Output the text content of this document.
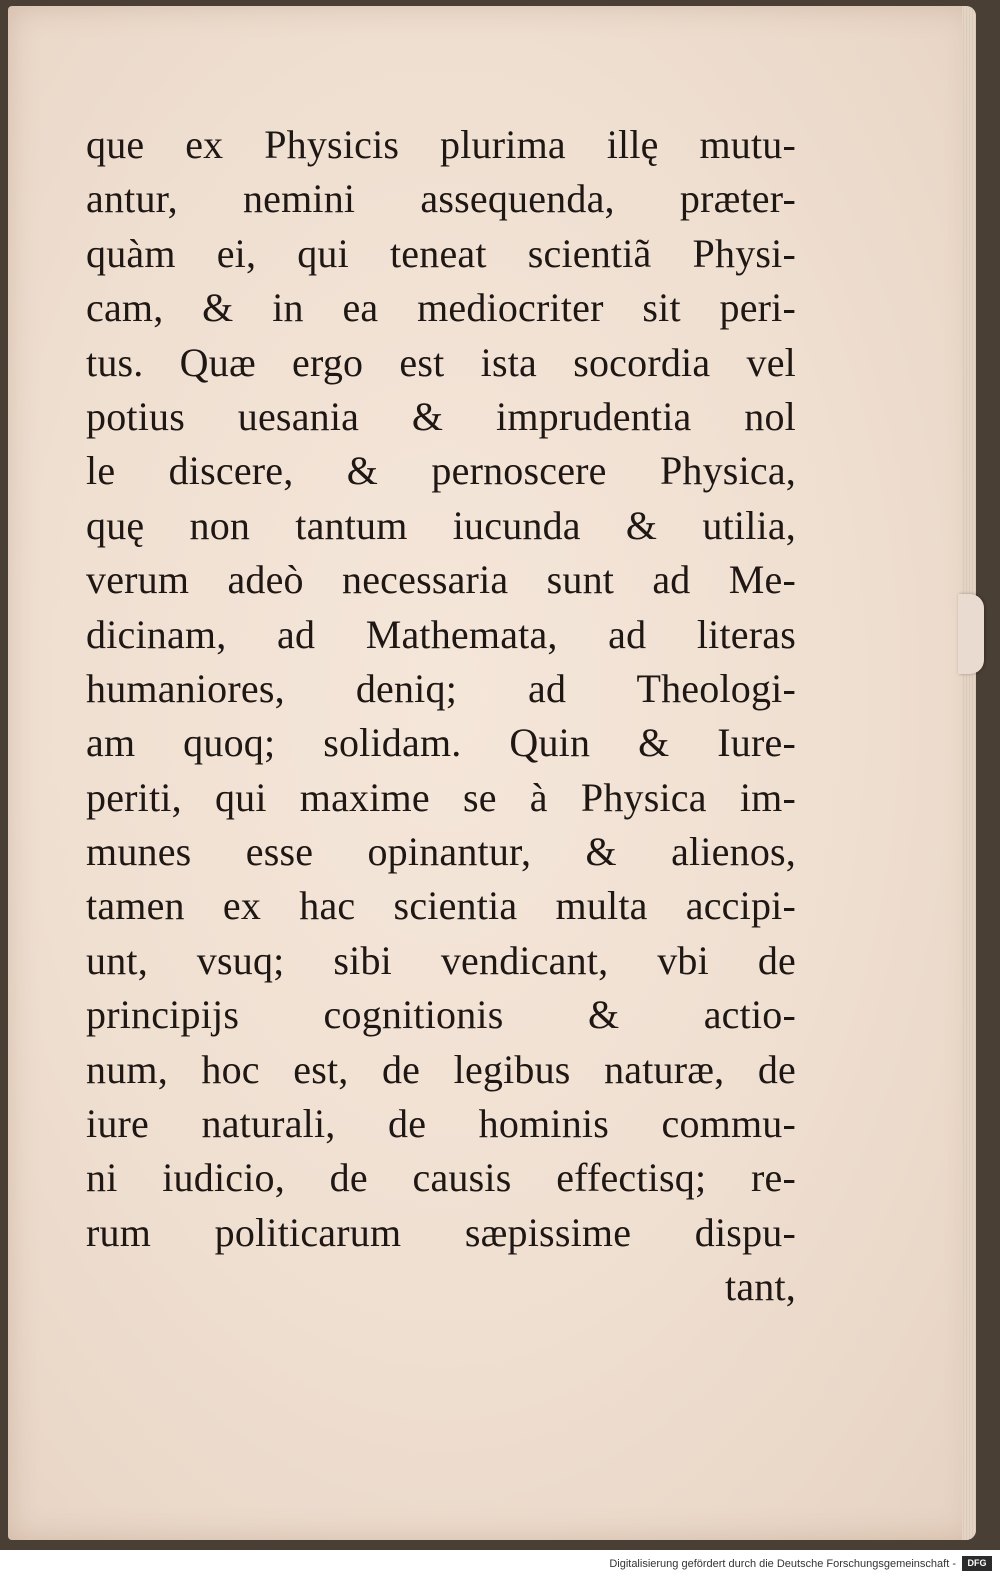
que ex Physicis plurima illę mutu-
antur, nemini assequenda, præter-
quàm ei, qui teneat scientiã Physi-
cam, & in ea mediocriter sit peri-
tus. Quæ ergo est ista socordia vel
potius uesania & imprudentia nol
le discere, & pernoscere Physica,
quę non tantum iucunda & utilia,
verum adeò necessaria sunt ad Me-
dicinam, ad Mathemata, ad literas
humaniores, deniq; ad Theologi-
am quoq; solidam. Quin & Iure-
periti, qui maxime se à Physica im-
munes esse opinantur, & alienos,
tamen ex hac scientia multa accipi-
unt, vsuq; sibi vendicant, vbi de
principijs cognitionis & actio-
num, hoc est, de legibus naturæ, de
iure naturali, de hominis commu-
ni iudicio, de causis effectisq; re-
rum politicarum sæpissime dispu-
tant,
Digitalisierung gefördert durch die Deutsche Forschungsgemeinschaft -	DFG
